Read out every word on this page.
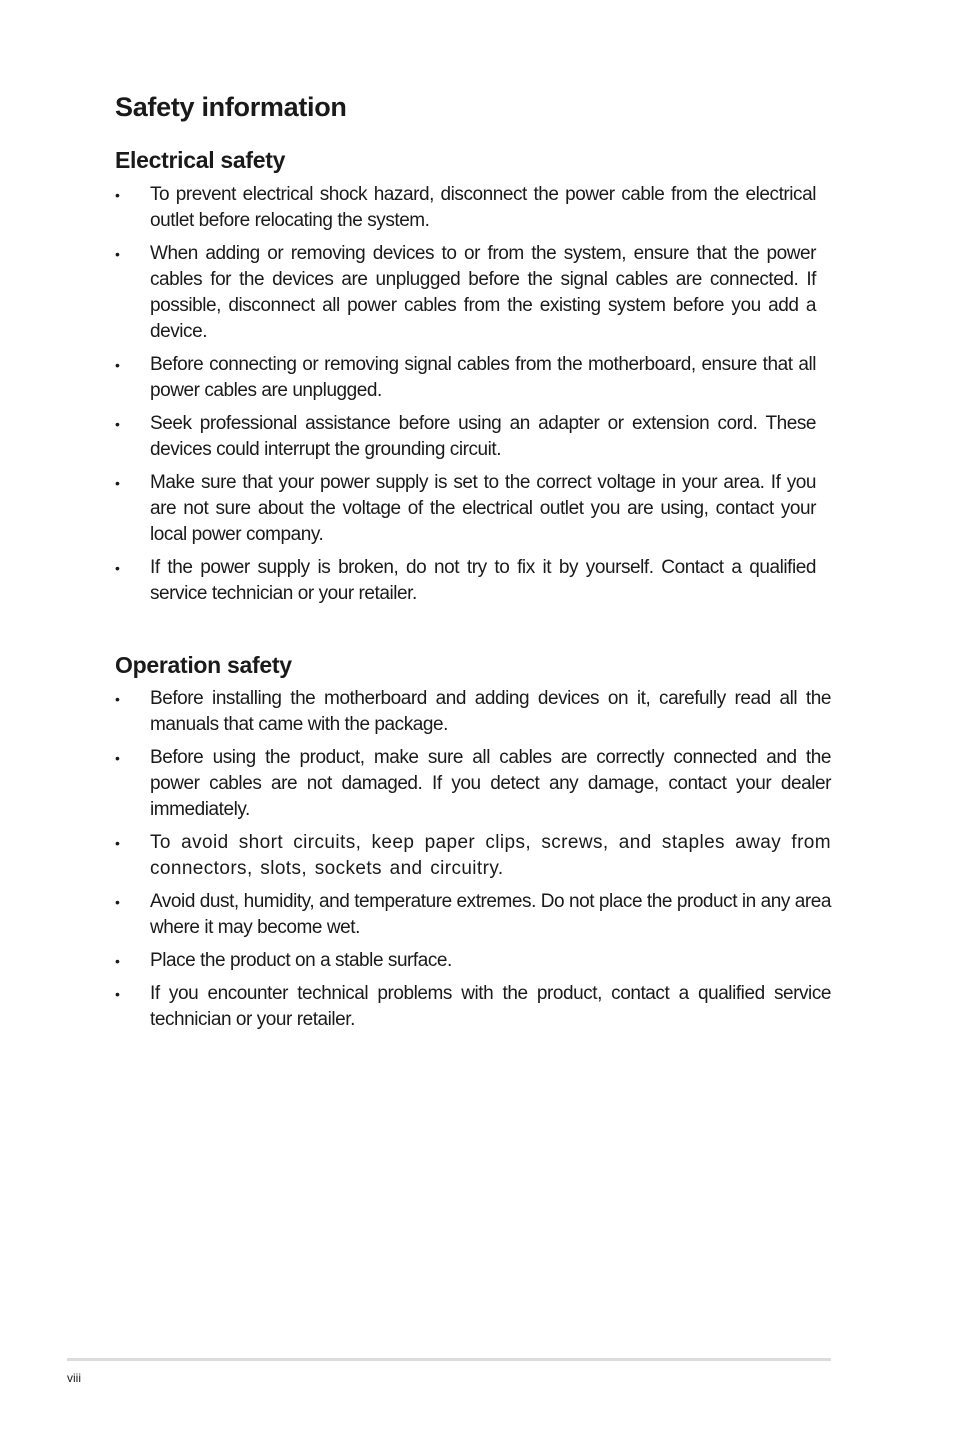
Safety information
Electrical safety
• To prevent electrical shock hazard, disconnect the power cable from the electrical outlet before relocating the system.
• When adding or removing devices to or from the system, ensure that the power cables for the devices are unplugged before the signal cables are connected. If possible, disconnect all power cables from the existing system before you add a device.
• Before connecting or removing signal cables from the motherboard, ensure that all power cables are unplugged.
• Seek professional assistance before using an adapter or extension cord. These devices could interrupt the grounding circuit.
• Make sure that your power supply is set to the correct voltage in your area. If you are not sure about the voltage of the electrical outlet you are using, contact your local power company.
• If the power supply is broken, do not try to fix it by yourself. Contact a qualified service technician or your retailer.
Operation safety
• Before installing the motherboard and adding devices on it, carefully read all the manuals that came with the package.
• Before using the product, make sure all cables are correctly connected and the power cables are not damaged. If you detect any damage, contact your dealer immediately.
• To avoid short circuits, keep paper clips, screws, and staples away from connectors, slots, sockets and circuitry.
• Avoid dust, humidity, and temperature extremes. Do not place the product in any area where it may become wet.
• Place the product on a stable surface.
• If you encounter technical problems with the product, contact a qualified service technician or your retailer.
viii
